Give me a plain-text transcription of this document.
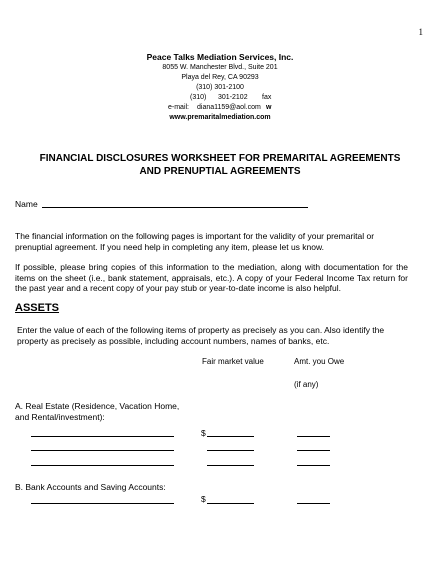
1
Peace Talks Mediation Services, Inc.
8055 W. Manchester Blvd., Suite 201
Playa del Rey, CA 90293
(310) 301-2100
(310)      301-2102 fax
e-mail: diana1159@aol.com w
www.premaritalmediation.com
FINANCIAL DISCLOSURES WORKSHEET FOR PREMARITAL AGREEMENTS
AND PRENUPTIAL AGREEMENTS
Name
The financial information on the following pages is important for the validity of your premarital or prenuptial agreement. If you need help in completing any item, please let us know.
If possible, please bring copies of this information to the mediation, along with documentation for the items on the sheet (i.e., bank statement, appraisals, etc.). A copy of your Federal Income Tax return for the past year and a recent copy of your pay stub or year-to-date income is also helpful.
ASSETS
Enter the value of each of the following items of property as precisely as you can. Also identify the property as precisely as possible, including account numbers, names of banks, etc.
Fair market value	Amt. you Owe
(if any)
A. Real Estate (Residence, Vacation Home, and Rental/investment):
$
B. Bank Accounts and Saving Accounts:
$
